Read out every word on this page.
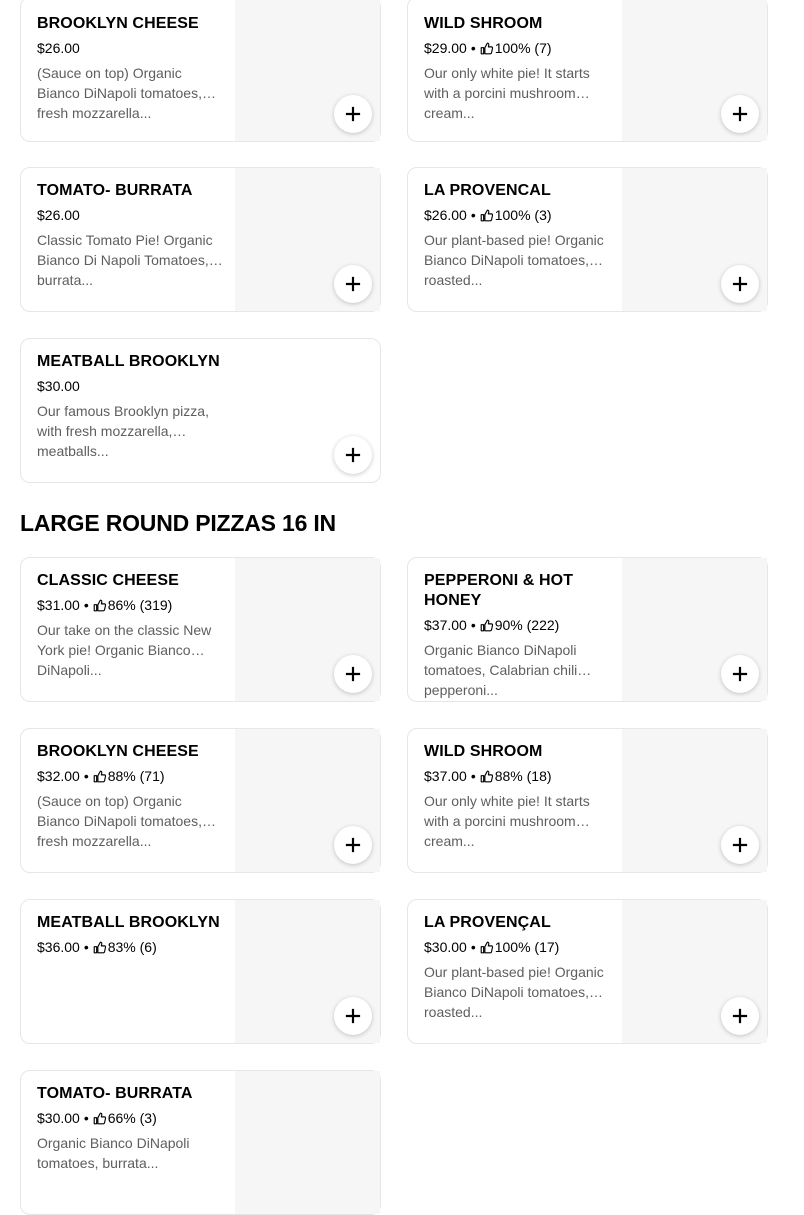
BROOKLYN CHEESE

$26.00
(Sauce on top) Organic Bianco DiNapoli tomatoes, fresh mozzarella...

WILD SHROOM

$29.00 • 100% (7)
Our only white pie! It starts with a porcini mushroom cream...

TOMATO- BURRATA

$26.00
Classic Tomato Pie! Organic Bianco Di Napoli Tomatoes, burrata...

LA PROVENCAL

$26.00 • 100% (3)
Our plant-based pie! Organic Bianco DiNapoli tomatoes, roasted...

MEATBALL BROOKLYN

$30.00
Our famous Brooklyn pizza, with fresh mozzarella, meatballs...
LARGE ROUND PIZZAS 16 IN

CLASSIC CHEESE

$31.00 • 86% (319)
Our take on the classic New York pie! Organic Bianco DiNapoli...

PEPPERONI & HOT HONEY

$37.00 • 90% (222)
Organic Bianco DiNapoli tomatoes, Calabrian chili pepperoni...

BROOKLYN CHEESE

$32.00 • 88% (71)
(Sauce on top) Organic Bianco DiNapoli tomatoes, fresh mozzarella...

WILD SHROOM

$37.00 • 88% (18)
Our only white pie! It starts with a porcini mushroom cream...

MEATBALL BROOKLYN

$36.00 • 83% (6)

LA PROVENÇAL

$30.00 • 100% (17)
Our plant-based pie! Organic Bianco DiNapoli tomatoes, roasted...

TOMATO- BURRATA

$30.00 • 66% (3)
Organic Bianco DiNapoli tomatoes, burrata...
